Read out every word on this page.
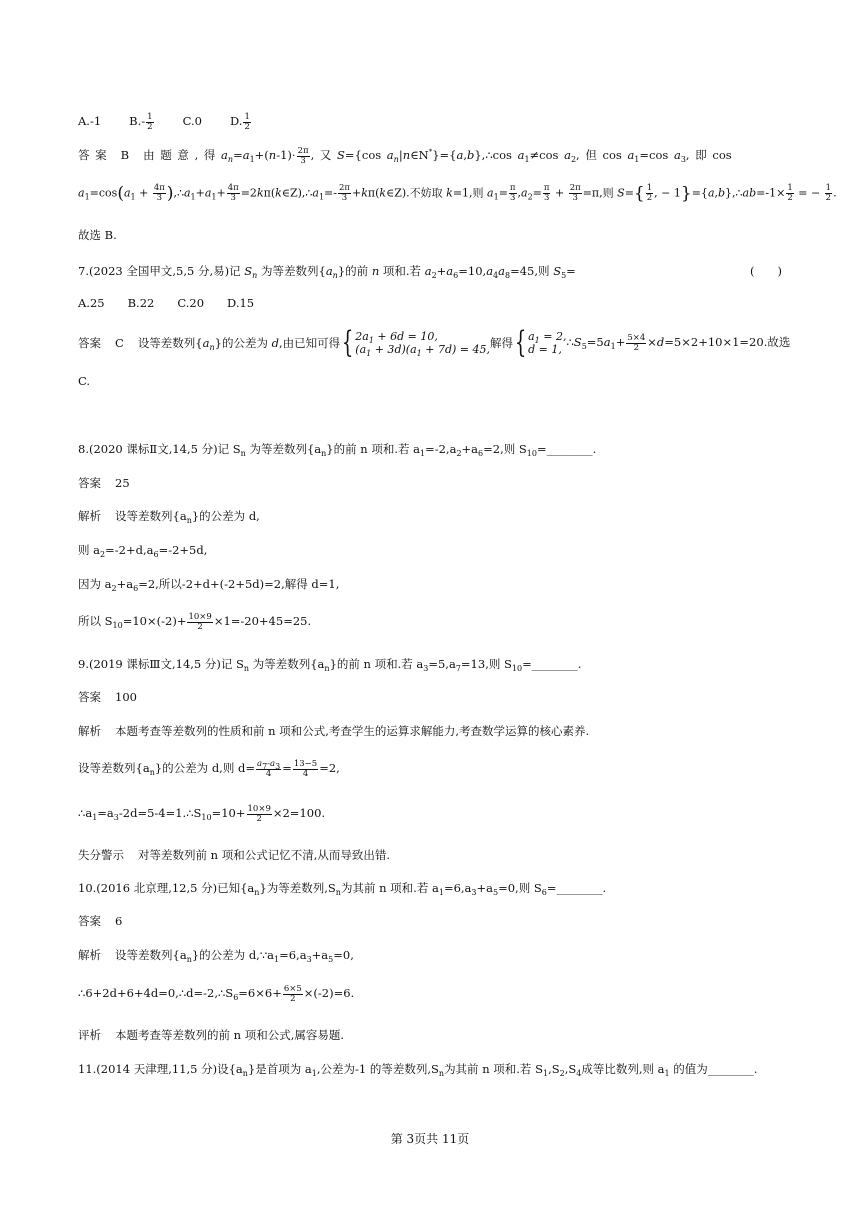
A.-1 $B.- \frac{1}{2}$	C.0 D. $\frac{1}{2}$
答 案 B 由 题 意 , 得 $a_n=a_1+(n-1)\cdot \frac{2\pi}{3}$ , 又 S={cos $a_n|n\in N^*\}=\{a,b\},\therefore\cos$ $a_1\ne\cos$ $a_2$, 但 $\cos a_1=\cos$ $a_3$, 即 cos
$a_1=\cos(a_1 + \frac{4\pi}{3}$ )$,\therefore a_1+a_1+ \frac{4\pi}{3}$ $=2k\pi(k\in Z),\therefore a_1=- \frac{2\pi}{3}$ +kπ(k∈Z).不妨取 k=1,则 $a_1= \frac{\pi}{3} ,a_2= \frac{\pi}{3} + \frac{2\pi}{3} =\pi$,则 $S=\{ \frac{1}{2}$ , − 1}={a,b},∴ab=-1× $\frac{1}{2}$ = − $\frac{1}{2}$ .
故选 B.
7.(2023 全国甲文,5,5 分,易)记 $S_n$ 为等差数列$\{a_n\}$的前 n 项和.若 $a_2+a_6=10,a_4a_8=45$,则 $S_5=$	(  )
A.25  B.22  C.20  D.15
答案 C 设等差数列$\{a_n\}$的公差为 d,由已知可得 { $2a_1 + 6d = 10$,
$(a_1 + 3d)(a_1 + 7d) = 45$, 解得 { $a_1 = 2$,
d = 1,
$\therefore S_5=5a_1+ \frac{5\times 4}{2} \times d=5\times 2+10\times 1=20$.故选
C.
8.(2020 课标Ⅱ文,14,5 分)记 $S_n$ 为等差数列$\{a_n\}$的前 n 项和.若 $a_1=-2,a_2+a_6=2$,则 $S_{10}=\_\_\_\_\_\_\_\_$.
答案 25
解析 设等差数列$\{a_n\}$的公差为 d,
则 $a_2=-2+d,a_6=-2+5d$,
因为 $a_2+a_6=2$,所以-2+d+(-2+5d)=2,解得 d=1,
所以 $S_{10}=10\times(-2)+ \frac{10\times 9}{2} \times 1=-20+45=25$.
9.(2019 课标Ⅲ文,14,5 分)记 $S_n$ 为等差数列$\{a_n\}$的前 n 项和.若 $a_3=5,a_7=13$,则 $S_{10}=\_\_\_\_\_\_\_\_$.
答案 100
解析 本题考查等差数列的性质和前 n 项和公式,考查学生的运算求解能力,考查数学运算的核心素养.
设等差数列$\{a_n\}$的公差为 d,则 $d= \frac{a_7-a_3}{4} = \frac{13-5}{4} =2$,
$\therefore a_1=a_3-2d=5-4=1.\therefore S_{10}=10+ \frac{10\times 9}{2} \times 2=100$.
失分警示 对等差数列前 n 项和公式记忆不清,从而导致出错.
10.(2016 北京理,12,5 分)已知$\{a_n\}$为等差数列$,S_n$为其前 n 项和.若 $a_1=6,a_3+a_5=0$,则 $S_6=\_\_\_\_\_\_\_\_$.
答案 6
解析 设等差数列$\{a_n\}$的公差为 $d,\because a_1=6,a_3+a_5=0$,
$\therefore 6+2d+6+4d=0,\therefore d=-2,\therefore S_6=6\times 6+ \frac{6\times 5}{2} \times(-2)=6$.
评析 本题考查等差数列的前 n 项和公式,属容易题.
11.(2014 天津理,11,5 分)设$\{a_n\}$是首项为 $a_1$,公差为-1 的等差数列$,S_n$为其前 n 项和.若 $S_1,S_2,S_4$成等比数列,则 $a_1$ 的值为________.
第 3页共 11页
